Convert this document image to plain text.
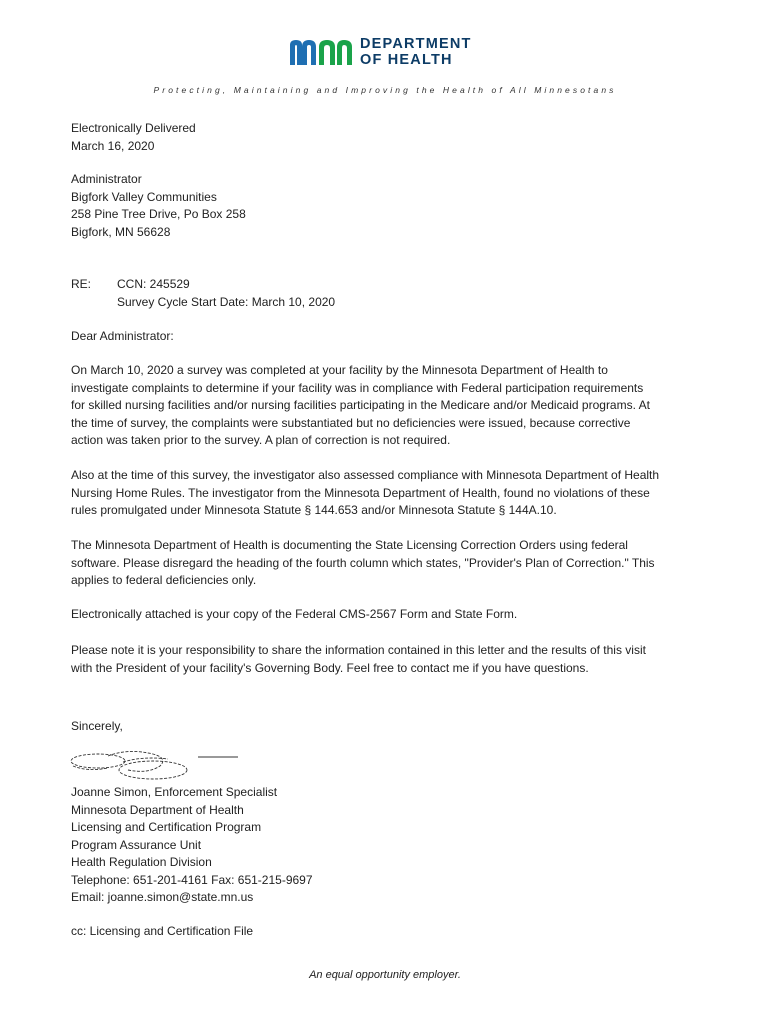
DEPARTMENT
OF HEALTH
Protecting, Maintaining and Improving the Health of All Minnesotans
Electronically Delivered
March 16, 2020
Administrator
Bigfork Valley Communities
258 Pine Tree Drive, Po Box 258
Bigfork, MN 56628
RE: CCN: 245529
Survey Cycle Start Date: March 10, 2020
Dear Administrator:
On March 10, 2020 a survey was completed at your facility by the Minnesota Department of Health to
investigate complaints to determine if your facility was in compliance with Federal participation requirements
for skilled nursing facilities and/or nursing facilities participating in the Medicare and/or Medicaid programs. At
the time of survey, the complaints were substantiated but no deficiencies were issued, because corrective
action was taken prior to the survey. A plan of correction is not required.
Also at the time of this survey, the investigator also assessed compliance with Minnesota Department of Health
Nursing Home Rules. The investigator from the Minnesota Department of Health, found no violations of these
rules promulgated under Minnesota Statute § 144.653 and/or Minnesota Statute § 144A.10.
The Minnesota Department of Health is documenting the State Licensing Correction Orders using federal
software. Please disregard the heading of the fourth column which states, "Provider's Plan of Correction." This
applies to federal deficiencies only.
Electronically attached is your copy of the Federal CMS-2567 Form and State Form.
Please note it is your responsibility to share the information contained in this letter and the results of this visit
with the President of your facility's Governing Body. Feel free to contact me if you have questions.
Sincerely,
Joanne Simon, Enforcement Specialist
Minnesota Department of Health
Licensing and Certification Program
Program Assurance Unit
Health Regulation Division
Telephone: 651-201-4161 Fax: 651-215-9697
Email: joanne.simon@state.mn.us
cc: Licensing and Certification File
An equal opportunity employer.
